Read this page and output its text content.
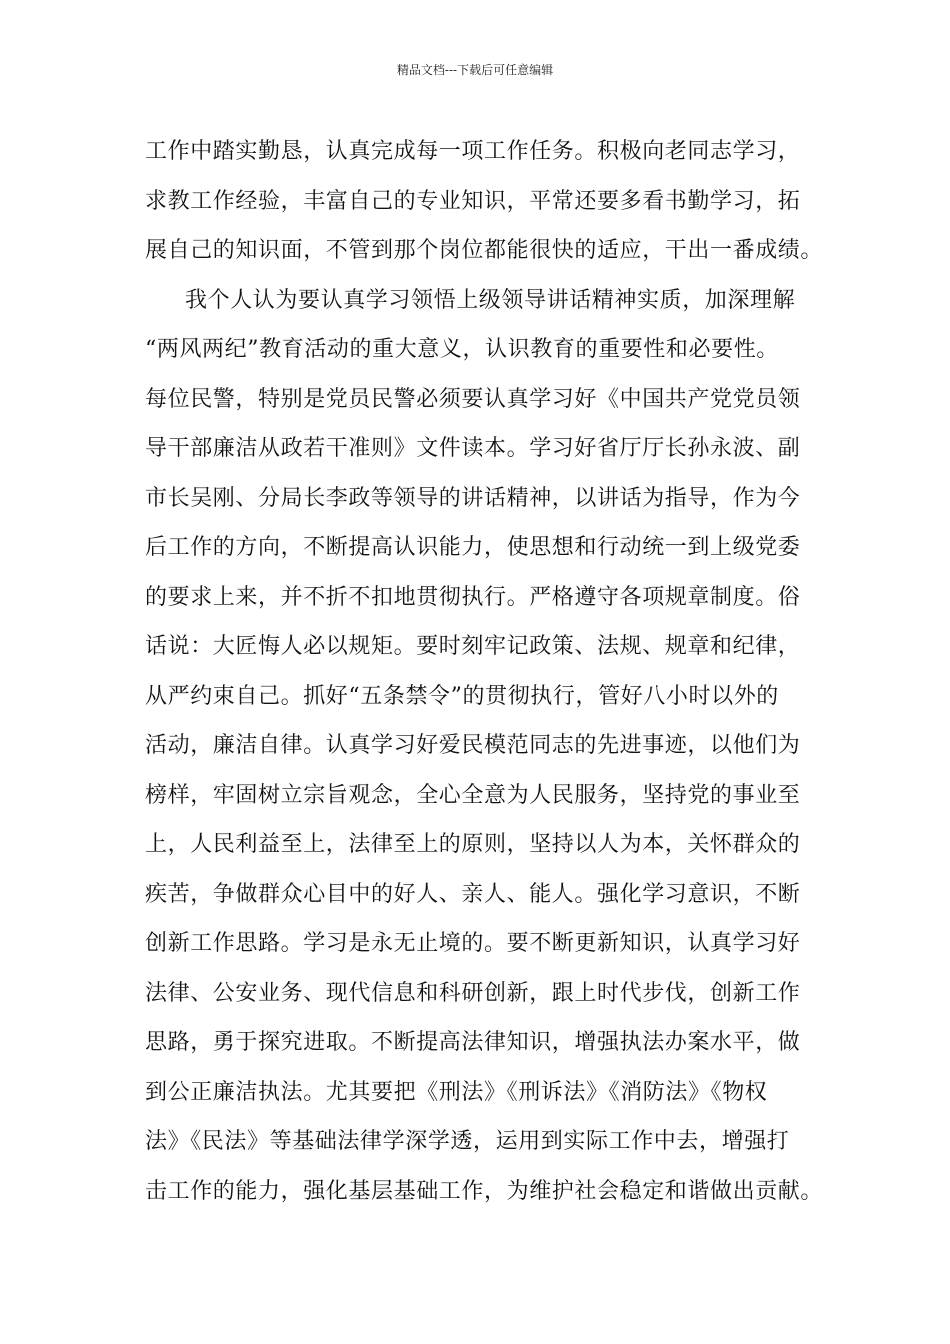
精品文档---下载后可任意编辑
工作中踏实勤恳，认真完成每一项工作任务。积极向老同志学习，
求教工作经验，丰富自己的专业知识，平常还要多看书勤学习，拓
展自己的知识面，不管到那个岗位都能很快的适应，干出一番成绩。
我个人认为要认真学习领悟上级领导讲话精神实质，加深理解
“两风两纪”教育活动的重大意义，认识教育的重要性和必要性。
每位民警，特别是党员民警必须要认真学习好《中国共产党党员领
导干部廉洁从政若干准则》文件读本。学习好省厅厅长孙永波、副
市长吴刚、分局长李政等领导的讲话精神，以讲话为指导，作为今
后工作的方向，不断提高认识能力，使思想和行动统一到上级党委
的要求上来，并不折不扣地贯彻执行。严格遵守各项规章制度。俗
话说：大匠悔人必以规矩。要时刻牢记政策、法规、规章和纪律，
从严约束自己。抓好“五条禁令”的贯彻执行，管好八小时以外的
活动，廉洁自律。认真学习好爱民模范同志的先进事迹，以他们为
榜样，牢固树立宗旨观念，全心全意为人民服务，坚持党的事业至
上，人民利益至上，法律至上的原则，坚持以人为本，关怀群众的
疾苦，争做群众心目中的好人、亲人、能人。强化学习意识，不断
创新工作思路。学习是永无止境的。要不断更新知识，认真学习好
法律、公安业务、现代信息和科研创新，跟上时代步伐，创新工作
思路，勇于探究进取。不断提高法律知识，增强执法办案水平，做
到公正廉洁执法。尤其要把《刑法》《刑诉法》《消防法》《物权
法》《民法》等基础法律学深学透，运用到实际工作中去，增强打
击工作的能力，强化基层基础工作，为维护社会稳定和谐做出贡献。
